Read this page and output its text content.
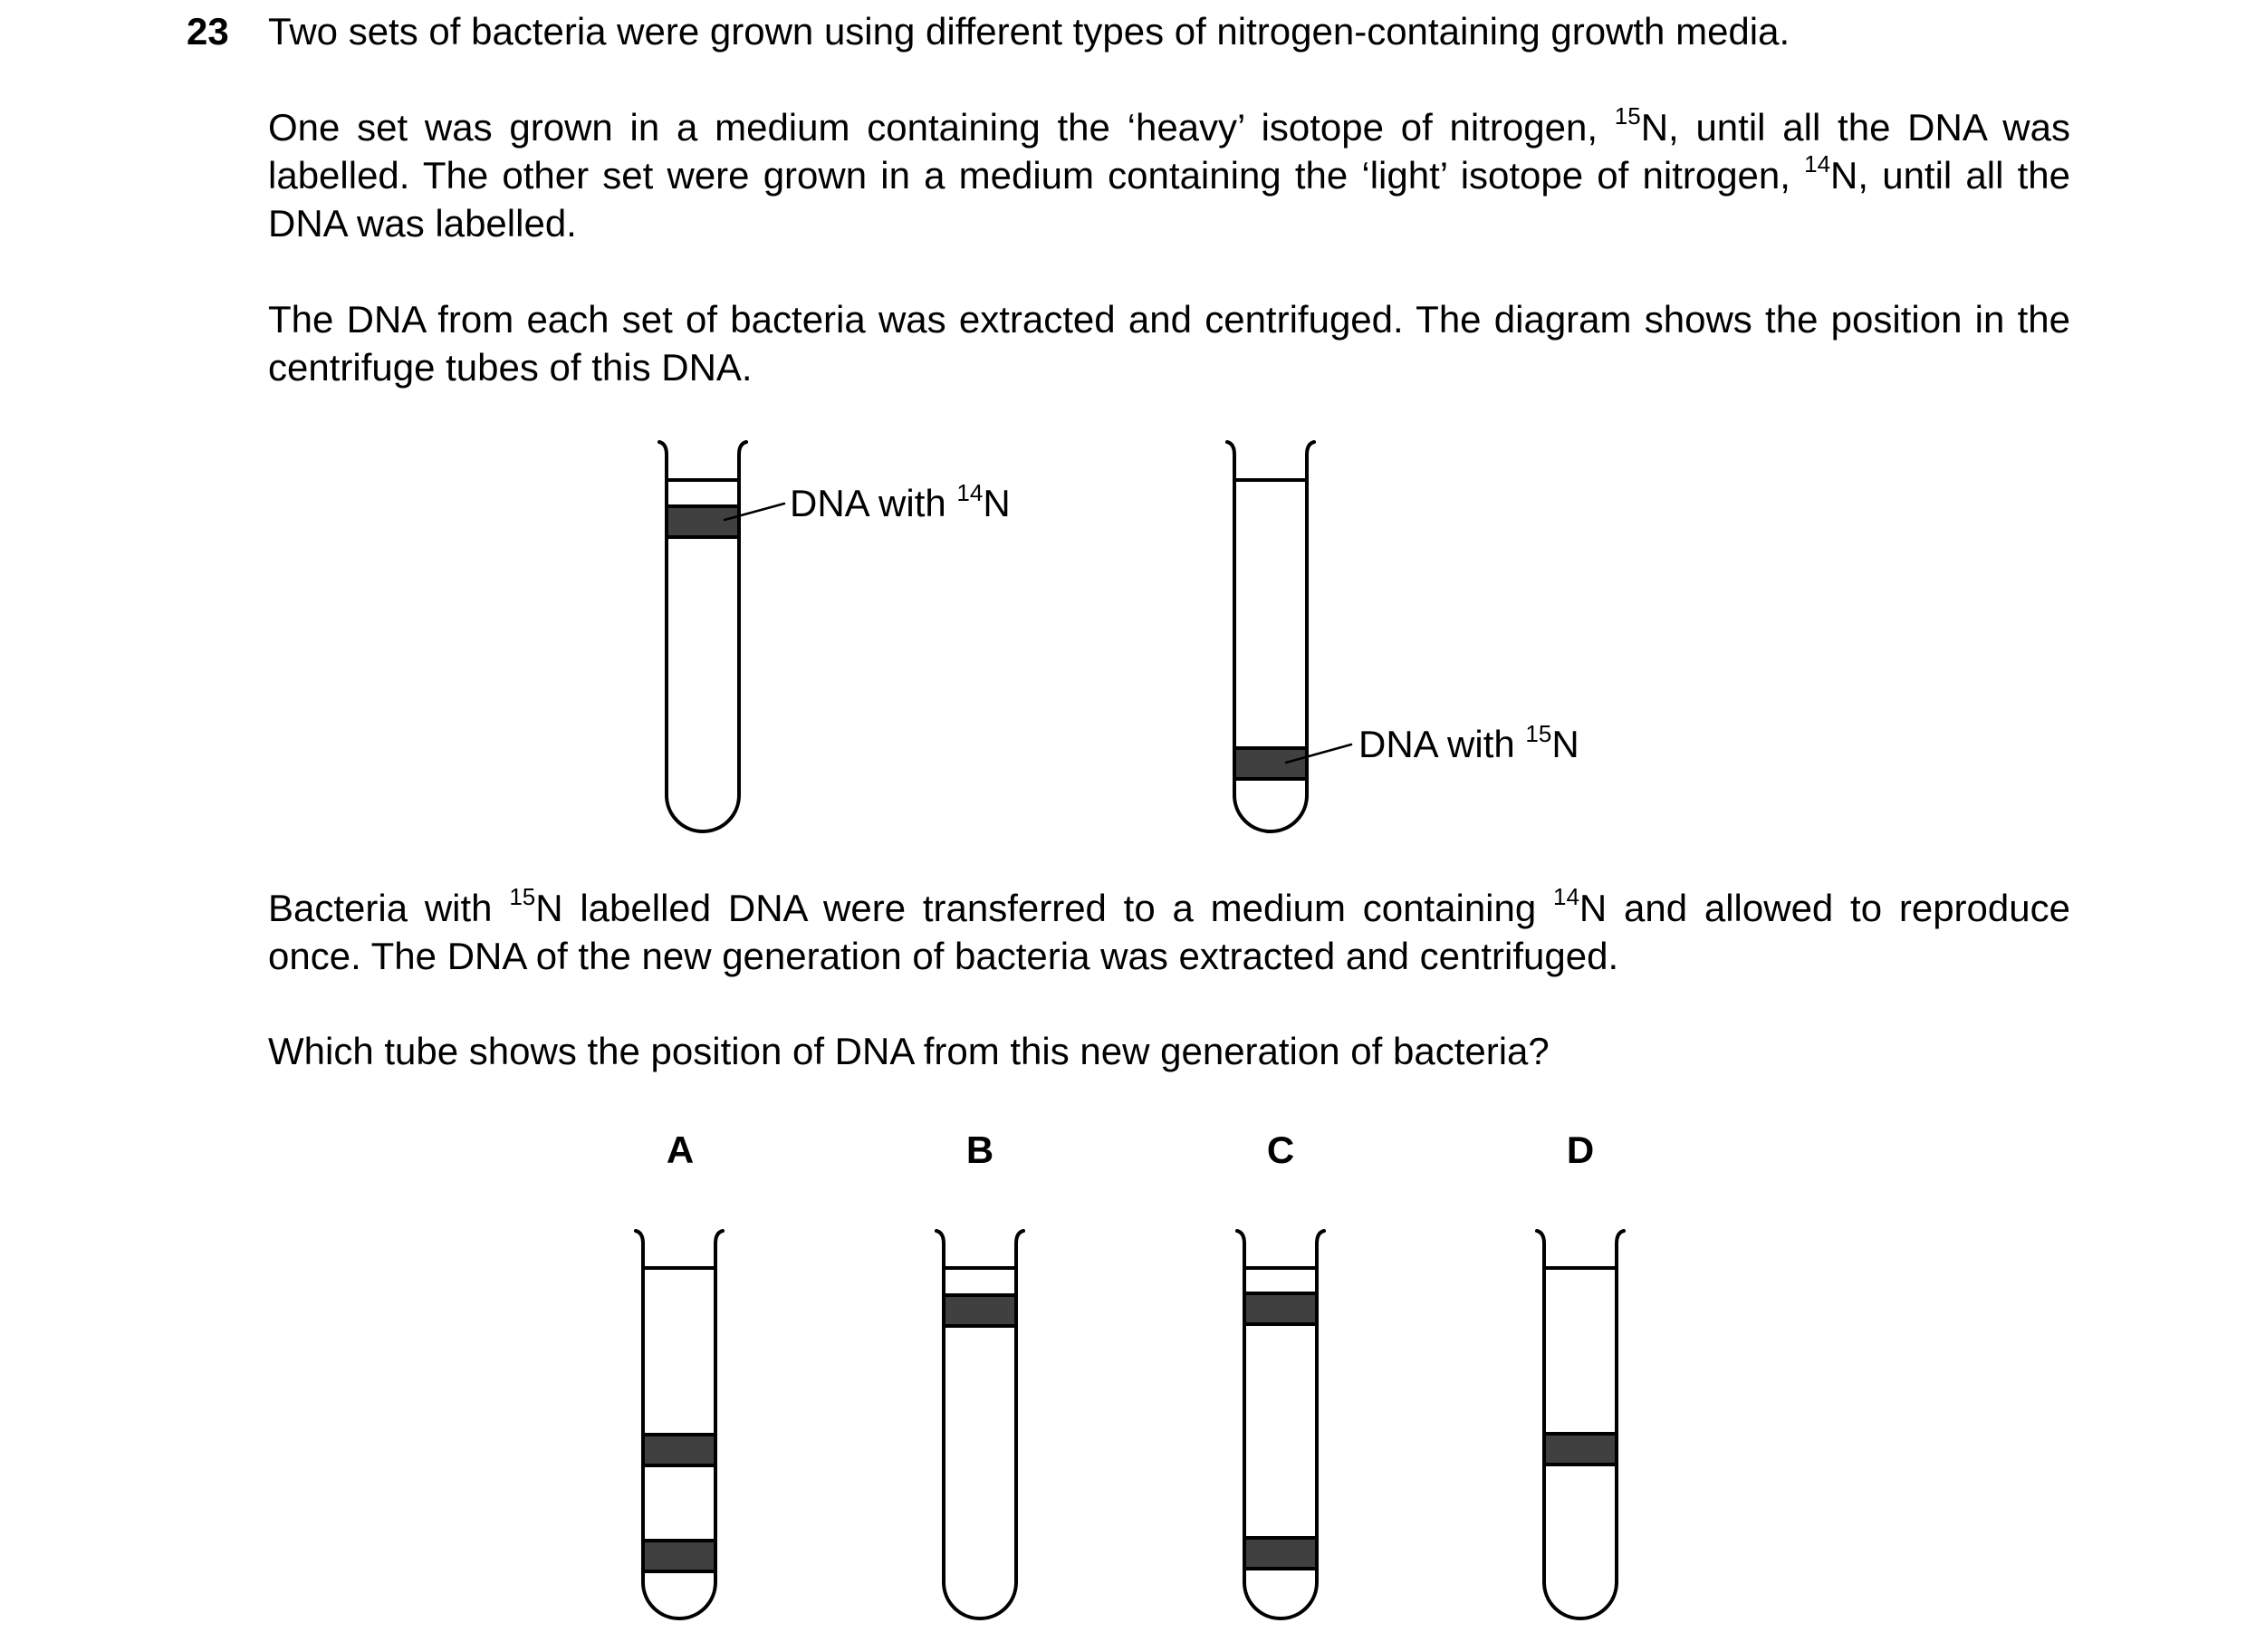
23 Two sets of bacteria were grown using different types of nitrogen-containing growth media.

One set was grown in a medium containing the ‘heavy’ isotope of nitrogen, $^{15}$N, until all the DNA was labelled. The other set were grown in a medium containing the ‘light’ isotope of nitrogen, $^{14}$N, until all the DNA was labelled.

The DNA from each set of bacteria was extracted and centrifuged. The diagram shows the position in the centrifuge tubes of this DNA.

Bacteria with $^{15}$N labelled DNA were transferred to a medium containing $^{14}$N and allowed to reproduce once. The DNA of the new generation of bacteria was extracted and centrifuged.

Which tube shows the position of DNA from this new generation of bacteria?

DNA with $^{14}$N
DNA with $^{15}$N
A	B	C	D
